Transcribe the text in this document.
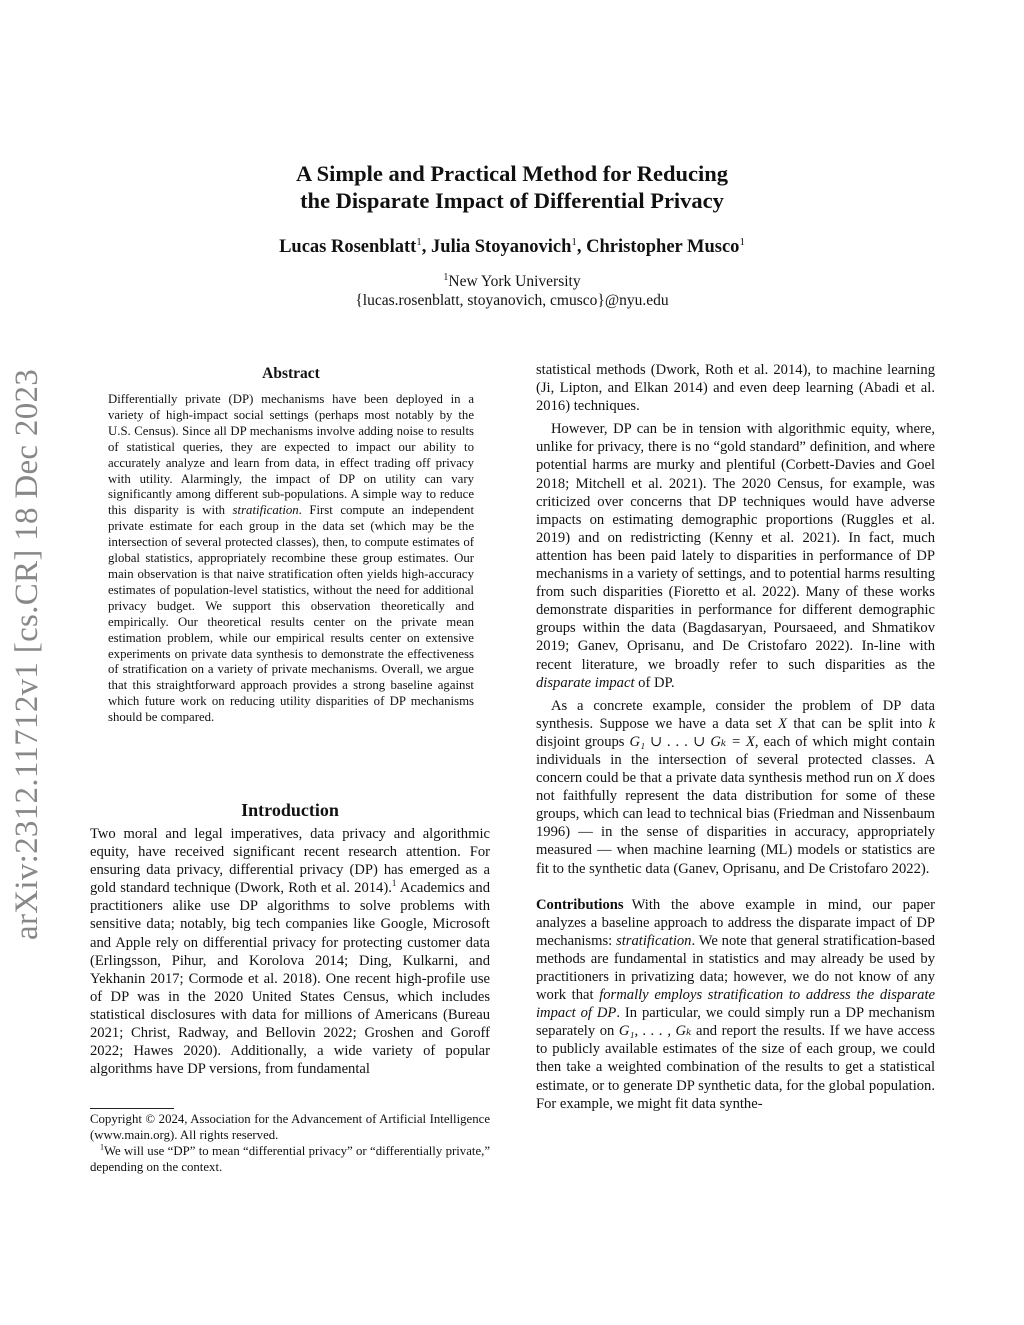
A Simple and Practical Method for Reducing
the Disparate Impact of Differential Privacy
Lucas Rosenblatt$^1$, Julia Stoyanovich$^1$, Christopher Musco$^1$
$^1$New York University
{lucas.rosenblatt, stoyanovich, cmusco}@nyu.edu
arXiv:2312.11712v1 [cs.CR] 18 Dec 2023	Abstract
Differentially private (DP) mechanisms have been deployed in a variety of high-impact social settings (perhaps most notably by the U.S. Census). Since all DP mechanisms involve adding noise to results of statistical queries, they are expected to impact our ability to accurately analyze and learn from data, in effect trading off privacy with utility. Alarmingly, the impact of DP on utility can vary significantly among different sub-populations. A simple way to reduce this disparity is with stratification. First compute an independent private estimate for each group in the data set (which may be the intersection of several protected classes), then, to compute estimates of global statistics, appropriately recombine these group estimates. Our main observation is that naive stratification often yields high-accuracy estimates of population-level statistics, without the need for additional privacy budget. We support this observation theoretically and empirically. Our theoretical results center on the private mean estimation problem, while our empirical results center on extensive experiments on private data synthesis to demonstrate the effectiveness of stratification on a variety of private mechanisms. Overall, we argue that this straightforward approach provides a strong baseline against which future work on reducing utility disparities of DP mechanisms should be compared.
Introduction

Two moral and legal imperatives, data privacy and algorithmic equity, have received significant recent research attention. For ensuring data privacy, differential privacy (DP) has emerged as a gold standard technique (Dwork, Roth et al. 2014).$^1$ Academics and practitioners alike use DP algorithms to solve problems with sensitive data; notably, big tech companies like Google, Microsoft and Apple rely on differential privacy for protecting customer data (Erlingsson, Pihur, and Korolova 2014; Ding, Kulkarni, and Yekhanin 2017; Cormode et al. 2018). One recent high-profile use of DP was in the 2020 United States Census, which includes statistical disclosures with data for millions of Americans (Bureau 2021; Christ, Radway, and Bellovin 2022; Groshen and Goroff 2022; Hawes 2020). Additionally, a wide variety of popular algorithms have DP versions, from fundamental

Copyright © 2024, Association for the Advancement of Artificial Intelligence (www.main.org). All rights reserved.

$^1$We will use “DP” to mean “differential privacy” or “differentially private,” depending on the context.

statistical methods (Dwork, Roth et al. 2014), to machine learning (Ji, Lipton, and Elkan 2014) and even deep learning (Abadi et al. 2016) techniques.

However, DP can be in tension with algorithmic equity, where, unlike for privacy, there is no “gold standard” definition, and where potential harms are murky and plentiful (Corbett-Davies and Goel 2018; Mitchell et al. 2021). The 2020 Census, for example, was criticized over concerns that DP techniques would have adverse impacts on estimating demographic proportions (Ruggles et al. 2019) and on redistricting (Kenny et al. 2021). In fact, much attention has been paid lately to disparities in performance of DP mechanisms in a variety of settings, and to potential harms resulting from such disparities (Fioretto et al. 2022). Many of these works demonstrate disparities in performance for different demographic groups within the data (Bagdasaryan, Poursaeed, and Shmatikov 2019; Ganev, Oprisanu, and De Cristofaro 2022). In-line with recent literature, we broadly refer to such disparities as the disparate impact of DP.

As a concrete example, consider the problem of DP data synthesis. Suppose we have a data set X that can be split into k disjoint groups G₁ ∪ . . . ∪ Gₖ = X, each of which might contain individuals in the intersection of several protected classes. A concern could be that a private data synthesis method run on X does not faithfully represent the data distribution for some of these groups, which can lead to technical bias (Friedman and Nissenbaum 1996) — in the sense of disparities in accuracy, appropriately measured — when machine learning (ML) models or statistics are fit to the synthetic data (Ganev, Oprisanu, and De Cristofaro 2022).

Contributions With the above example in mind, our paper analyzes a baseline approach to address the disparate impact of DP mechanisms: stratification. We note that general stratification-based methods are fundamental in statistics and may already be used by practitioners in privatizing data; however, we do not know of any work that formally employs stratification to address the disparate impact of DP. In particular, we could simply run a DP mechanism separately on G₁, . . . , Gₖ and report the results. If we have access to publicly available estimates of the size of each group, we could then take a weighted combination of the results to get a statistical estimate, or to generate DP synthetic data, for the global population. For example, we might fit data synthe-
